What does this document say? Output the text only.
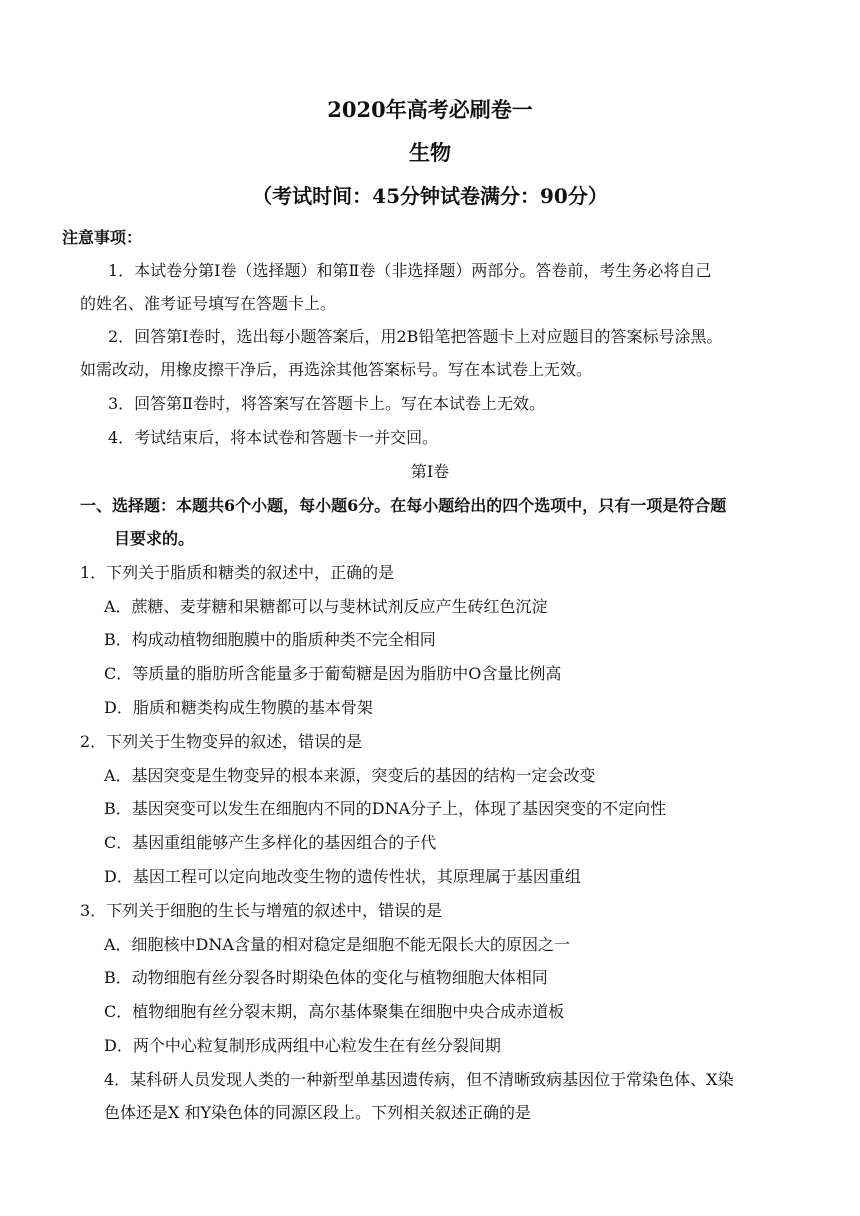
2020年高考必刷卷一
生物
（考试时间：45分钟试卷满分：90分）
注意事项：
1．本试卷分第Ⅰ卷（选择题）和第Ⅱ卷（非选择题）两部分。答卷前，考生务必将自己
的姓名、准考证号填写在答题卡上。
2．回答第Ⅰ卷时，选出每小题答案后，用2B铅笔把答题卡上对应题目的答案标号涂黑。
如需改动，用橡皮擦干净后，再选涂其他答案标号。写在本试卷上无效。
3．回答第Ⅱ卷时，将答案写在答题卡上。写在本试卷上无效。
4．考试结束后，将本试卷和答题卡一并交回。
第Ⅰ卷
一、选择题：本题共6个小题，每小题6分。在每小题给出的四个选项中，只有一项是符合题
目要求的。
1．下列关于脂质和糖类的叙述中，正确的是
A．蔗糖、麦芽糖和果糖都可以与斐林试剂反应产生砖红色沉淀
B．构成动植物细胞膜中的脂质种类不完全相同
C．等质量的脂肪所含能量多于葡萄糖是因为脂肪中O含量比例高
D．脂质和糖类构成生物膜的基本骨架
2．下列关于生物变异的叙述，错误的是
A．基因突变是生物变异的根本来源，突变后的基因的结构一定会改变
B．基因突变可以发生在细胞内不同的DNA分子上，体现了基因突变的不定向性
C．基因重组能够产生多样化的基因组合的子代
D．基因工程可以定向地改变生物的遗传性状，其原理属于基因重组
3．下列关于细胞的生长与增殖的叙述中，错误的是
A．细胞核中DNA含量的相对稳定是细胞不能无限长大的原因之一
B．动物细胞有丝分裂各时期染色体的变化与植物细胞大体相同
C．植物细胞有丝分裂末期，高尔基体聚集在细胞中央合成赤道板
D．两个中心粒复制形成两组中心粒发生在有丝分裂间期
4．某科研人员发现人类的一种新型单基因遗传病，但不清晰致病基因位于常染色体、X染
色体还是X 和Y染色体的同源区段上。下列相关叙述正确的是
